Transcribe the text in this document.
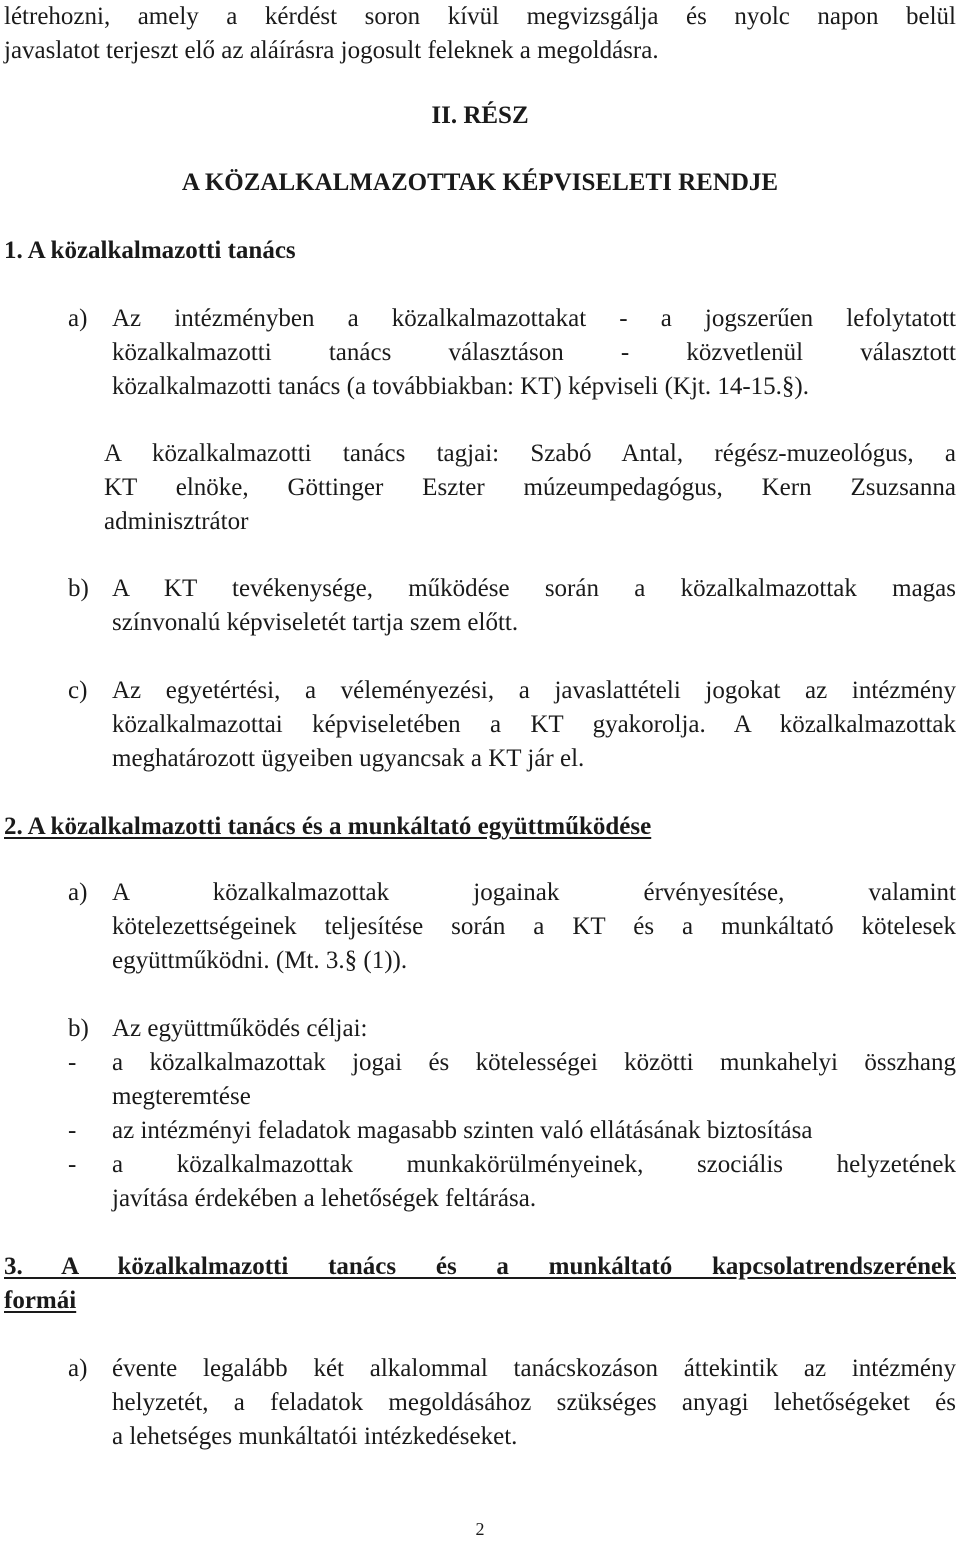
létrehozni, amely a kérdést soron kívül megvizsgálja és nyolc napon belül
javaslatot terjeszt elő az aláírásra jogosult feleknek a megoldásra.
II. RÉSZ
A KÖZALKALMAZOTTAK KÉPVISELETI RENDJE
1. A közalkalmazotti tanács
a) Az intézményben a közalkalmazottakat - a jogszerűen lefolytatott
közalkalmazotti tanács választáson - közvetlenül választott
közalkalmazotti tanács (a továbbiakban: KT) képviseli (Kjt. 14-15.§).
A közalkalmazotti tanács tagjai: Szabó Antal, régész-muzeológus, a
KT elnöke, Göttinger Eszter múzeumpedagógus, Kern Zsuzsanna
adminisztrátor
b) A KT tevékenysége, működése során a közalkalmazottak magas
színvonalú képviseletét tartja szem előtt.
c) Az egyetértési, a véleményezési, a javaslattételi jogokat az intézmény
közalkalmazottai képviseletében a KT gyakorolja. A közalkalmazottak
meghatározott ügyeiben ugyancsak a KT jár el.
2. A közalkalmazotti tanács és a munkáltató együttműködése
a) A közalkalmazottak jogainak érvényesítése, valamint
kötelezettségeinek teljesítése során a KT és a munkáltató kötelesek
együttműködni. (Mt. 3.§ (1)).
b) Az együttműködés céljai:
- a közalkalmazottak jogai és kötelességei közötti munkahelyi összhang
megteremtése
- az intézményi feladatok magasabb szinten való ellátásának biztosítása
- a közalkalmazottak munkakörülményeinek, szociális helyzetének
javítása érdekében a lehetőségek feltárása.
3. A közalkalmazotti tanács és a munkáltató kapcsolatrendszerének
formái
a) évente legalább két alkalommal tanácskozáson áttekintik az intézmény
helyzetét, a feladatok megoldásához szükséges anyagi lehetőségeket és
a lehetséges munkáltatói intézkedéseket.
2
